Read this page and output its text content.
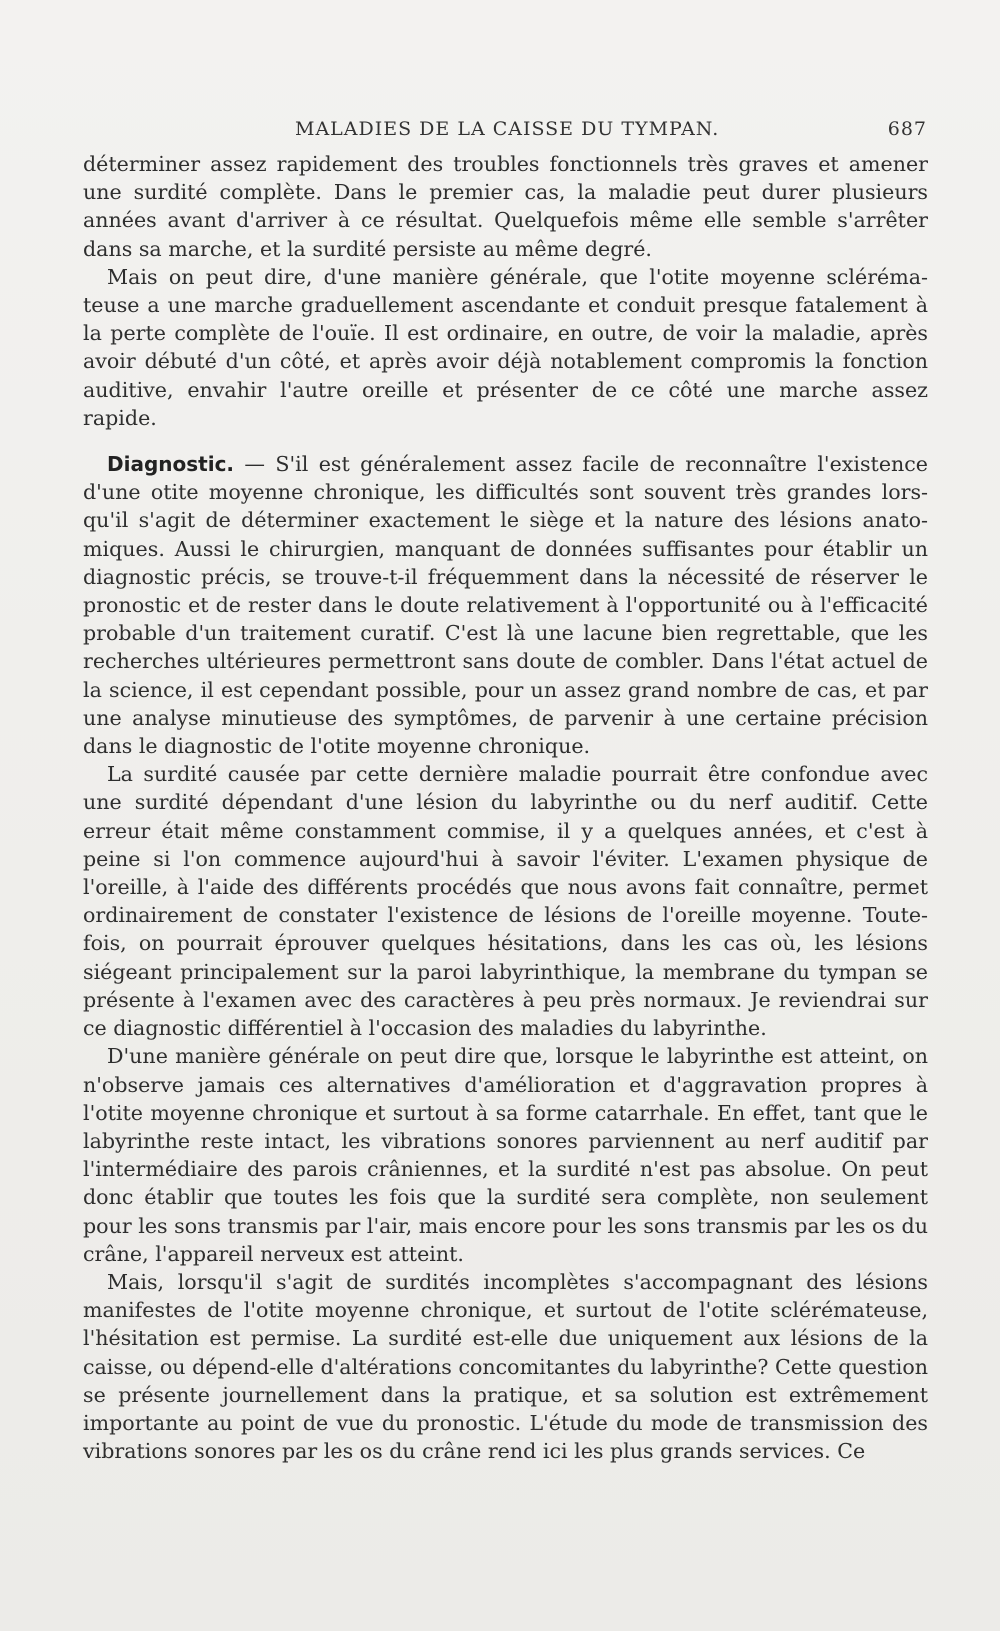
MALADIES DE LA CAISSE DU TYMPAN.	687

déterminer assez rapidement des troubles fonctionnels très graves et amener une surdité complète. Dans le premier cas, la maladie peut durer plusieurs années avant d'arriver à ce résultat. Quelquefois même elle semble s'arrêter dans sa marche, et la surdité persiste au même degré.

Mais on peut dire, d'une manière générale, que l'otite moyenne sclérémateuse a une marche graduellement ascendante et conduit presque fatalement à la perte complète de l'ouïe. Il est ordinaire, en outre, de voir la maladie, après avoir débuté d'un côté, et après avoir déjà notablement compromis la fonction auditive, envahir l'autre oreille et présenter de ce côté une marche assez rapide.

Diagnostic. — S'il est généralement assez facile de reconnaître l'existence d'une otite moyenne chronique, les difficultés sont souvent très grandes lorsqu'il s'agit de déterminer exactement le siège et la nature des lésions anatomiques. Aussi le chirurgien, manquant de données suffisantes pour établir un diagnostic précis, se trouve-t-il fréquemment dans la nécessité de réserver le pronostic et de rester dans le doute relativement à l'opportunité ou à l'efficacité probable d'un traitement curatif. C'est là une lacune bien regrettable, que les recherches ultérieures permettront sans doute de combler. Dans l'état actuel de la science, il est cependant possible, pour un assez grand nombre de cas, et par une analyse minutieuse des symptômes, de parvenir à une certaine précision dans le diagnostic de l'otite moyenne chronique.

La surdité causée par cette dernière maladie pourrait être confondue avec une surdité dépendant d'une lésion du labyrinthe ou du nerf auditif. Cette erreur était même constamment commise, il y a quelques années, et c'est à peine si l'on commence aujourd'hui à savoir l'éviter. L'examen physique de l'oreille, à l'aide des différents procédés que nous avons fait connaître, permet ordinairement de constater l'existence de lésions de l'oreille moyenne. Toutefois, on pourrait éprouver quelques hésitations, dans les cas où, les lésions siégeant principalement sur la paroi labyrinthique, la membrane du tympan se présente à l'examen avec des caractères à peu près normaux. Je reviendrai sur ce diagnostic différentiel à l'occasion des maladies du labyrinthe.

D'une manière générale on peut dire que, lorsque le labyrinthe est atteint, on n'observe jamais ces alternatives d'amélioration et d'aggravation propres à l'otite moyenne chronique et surtout à sa forme catarrhale. En effet, tant que le labyrinthe reste intact, les vibrations sonores parviennent au nerf auditif par l'intermédiaire des parois crâniennes, et la surdité n'est pas absolue. On peut donc établir que toutes les fois que la surdité sera complète, non seulement pour les sons transmis par l'air, mais encore pour les sons transmis par les os du crâne, l'appareil nerveux est atteint.

Mais, lorsqu'il s'agit de surdités incomplètes s'accompagnant des lésions manifestes de l'otite moyenne chronique, et surtout de l'otite sclérémateuse, l'hésitation est permise. La surdité est-elle due uniquement aux lésions de la caisse, ou dépend-elle d'altérations concomitantes du labyrinthe? Cette question se présente journellement dans la pratique, et sa solution est extrêmement importante au point de vue du pronostic. L'étude du mode de transmission des vibrations sonores par les os du crâne rend ici les plus grands services. Ce
